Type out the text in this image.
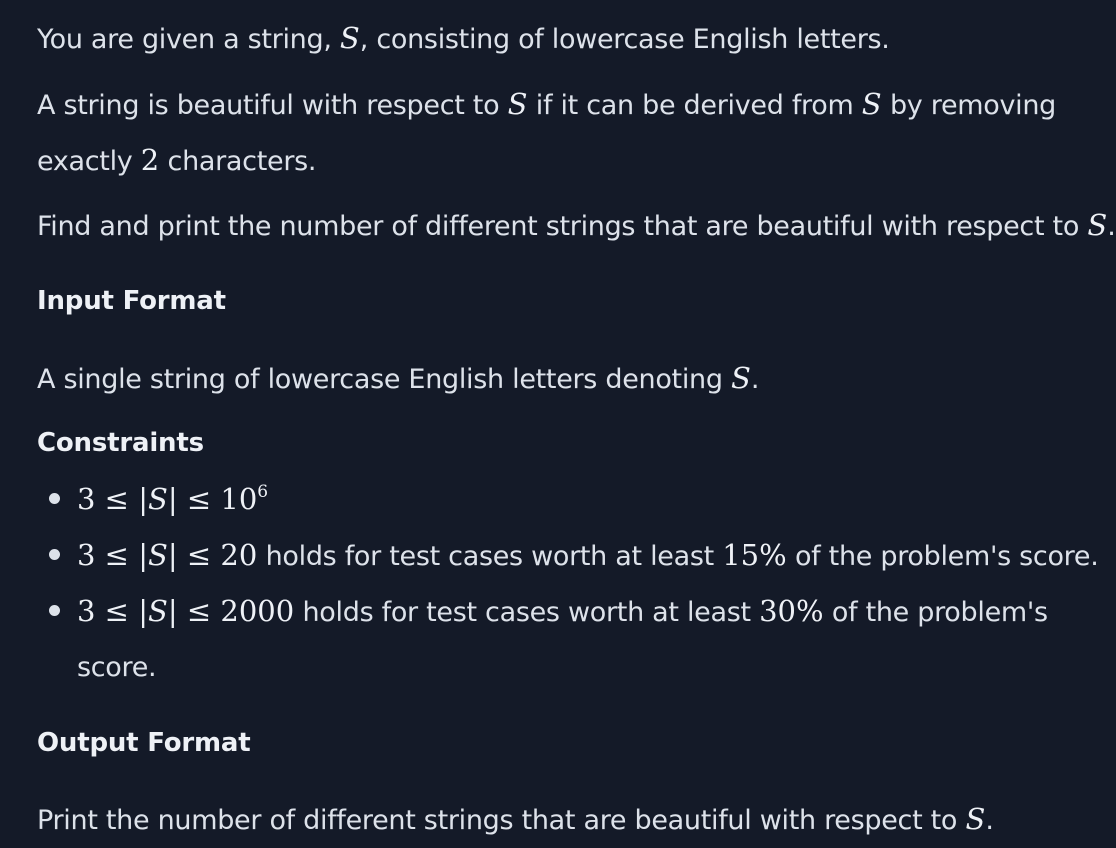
You are given a string, S, consisting of lowercase English letters.
A string is beautiful with respect to S if it can be derived from S by removing
exactly 2 characters.
Find and print the number of different strings that are beautiful with respect to S.
Input Format
A single string of lowercase English letters denoting S.
Constraints
$3 \le |S| \le 10^6$
3 ≤ |S| ≤ 20 holds for test cases worth at least 15% of the problem's score.
3 ≤ |S| ≤ 2000 holds for test cases worth at least 30% of the problem's
score.
Output Format
Print the number of different strings that are beautiful with respect to S.
